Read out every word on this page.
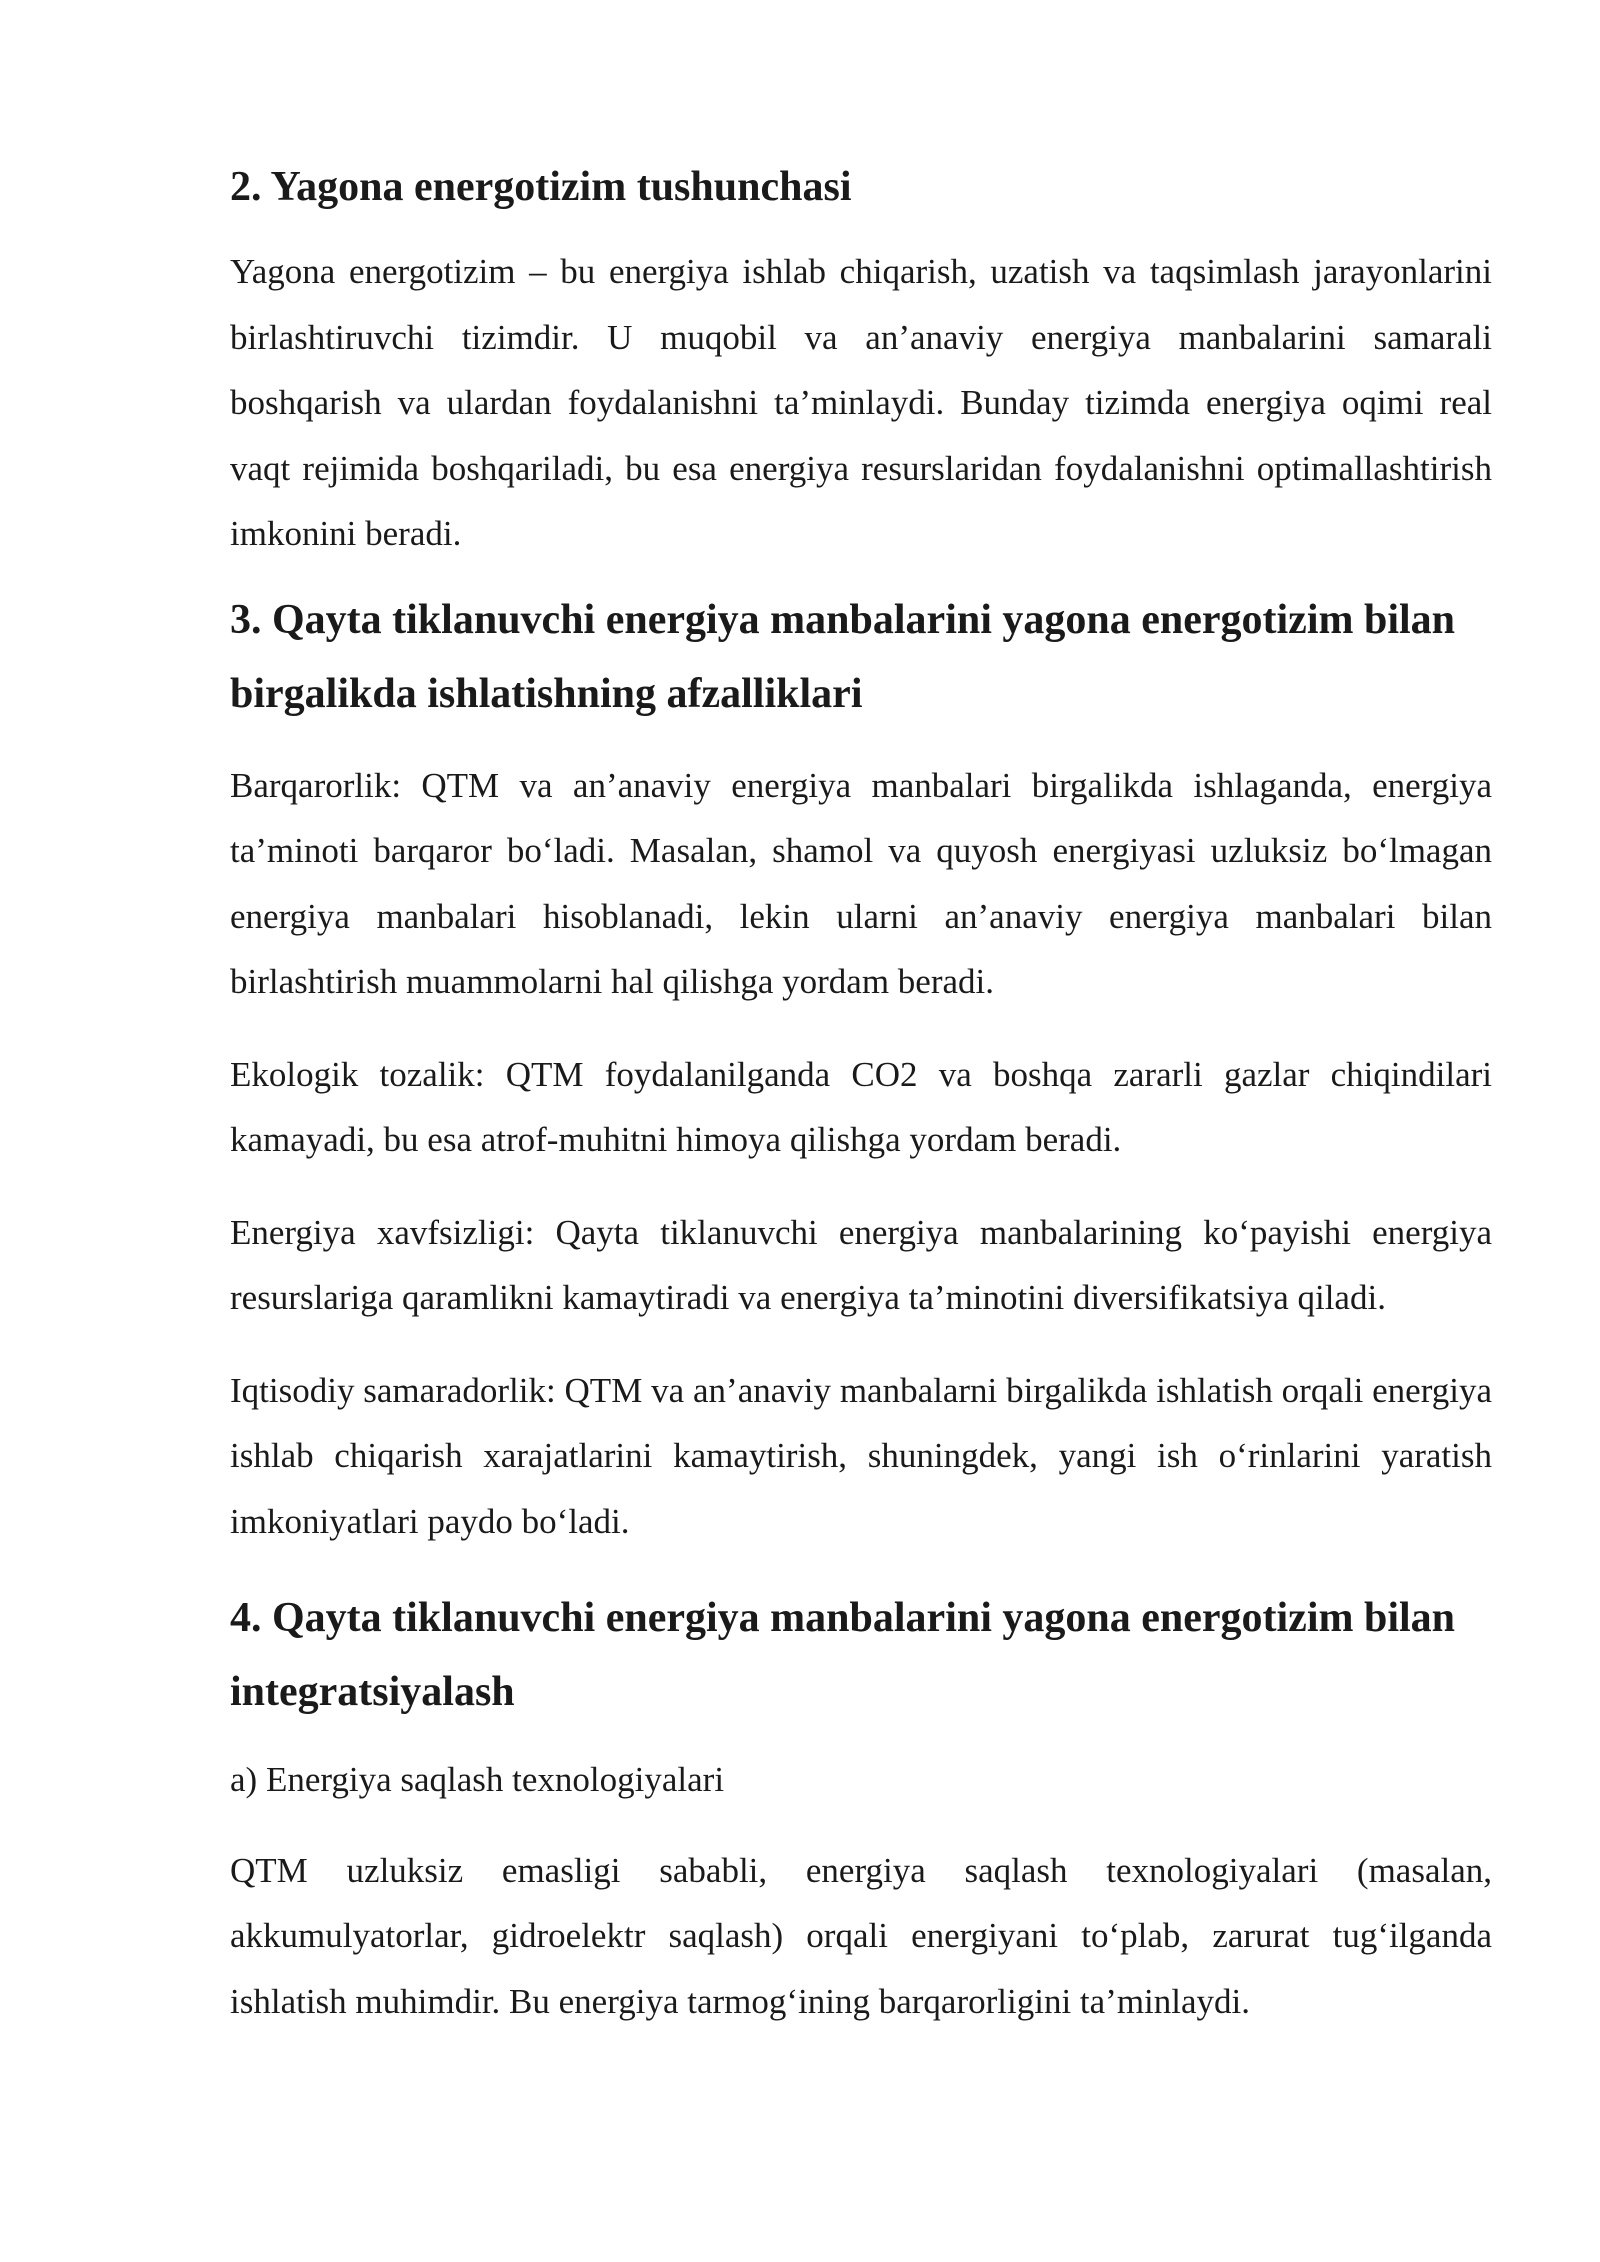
2. Yagona energotizim tushunchasi

Yagona energotizim – bu energiya ishlab chiqarish, uzatish va taqsimlash jarayonlarini birlashtiruvchi tizimdir. U muqobil va an’anaviy energiya manbalarini samarali boshqarish va ulardan foydalanishni ta’minlaydi. Bunday tizimda energiya oqimi real vaqt rejimida boshqariladi, bu esa energiya resurslaridan foydalanishni optimallashtirish imkonini beradi.

3. Qayta tiklanuvchi energiya manbalarini yagona energotizim bilan birgalikda ishlatishning afzalliklari

Barqarorlik: QTM va an’anaviy energiya manbalari birgalikda ishlaganda, energiya ta’minoti barqaror bo‘ladi. Masalan, shamol va quyosh energiyasi uzluksiz bo‘lmagan energiya manbalari hisoblanadi, lekin ularni an’anaviy energiya manbalari bilan birlashtirish muammolarni hal qilishga yordam beradi.

Ekologik tozalik: QTM foydalanilganda CO2 va boshqa zararli gazlar chiqindilari kamayadi, bu esa atrof-muhitni himoya qilishga yordam beradi.

Energiya xavfsizligi: Qayta tiklanuvchi energiya manbalarining ko‘payishi energiya resurslariga qaramlikni kamaytiradi va energiya ta’minotini diversifikatsiya qiladi.

Iqtisodiy samaradorlik: QTM va an’anaviy manbalarni birgalikda ishlatish orqali energiya ishlab chiqarish xarajatlarini kamaytirish, shuningdek, yangi ish o‘rinlarini yaratish imkoniyatlari paydo bo‘ladi.

4. Qayta tiklanuvchi energiya manbalarini yagona energotizim bilan integratsiyalash

a) Energiya saqlash texnologiyalari

QTM uzluksiz emasligi sababli, energiya saqlash texnologiyalari (masalan, akkumulyatorlar, gidroelektr saqlash) orqali energiyani to‘plab, zarurat tug‘ilganda ishlatish muhimdir. Bu energiya tarmog‘ining barqarorligini ta’minlaydi.
